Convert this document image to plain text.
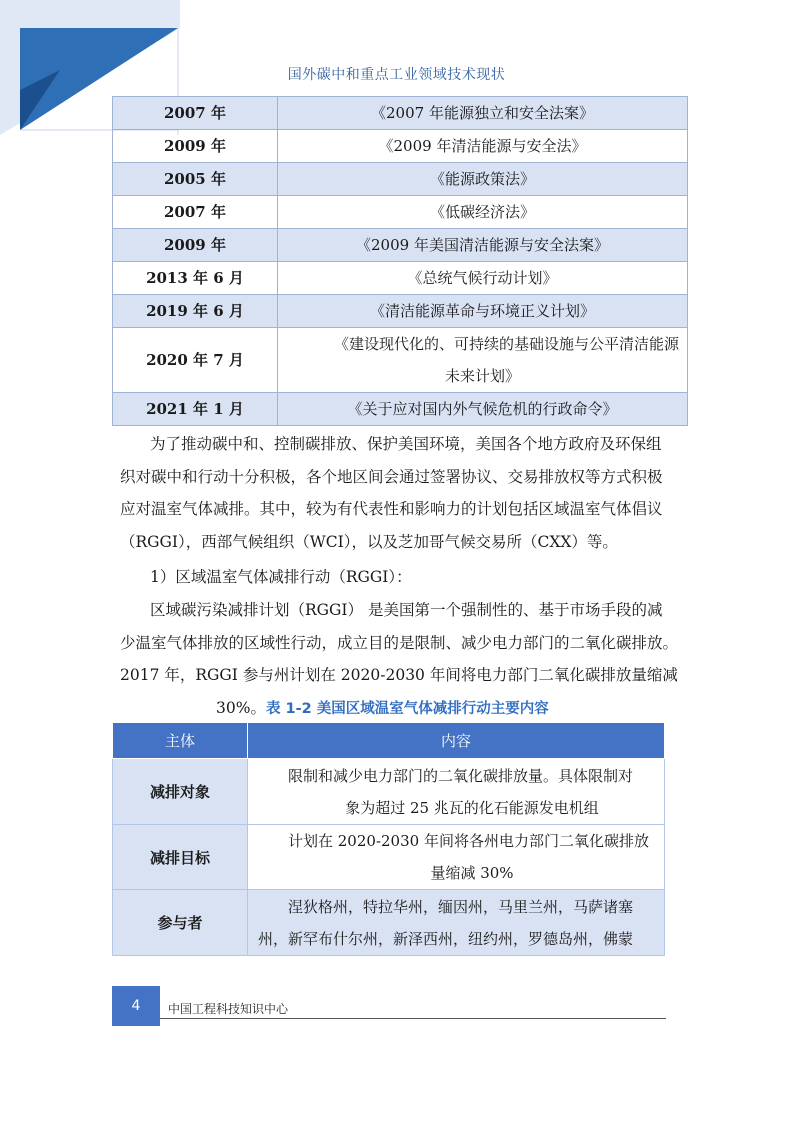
国外碳中和重点工业领域技术现状
2007 年	《2007 年能源独立和安全法案》
2009 年	《2009 年清洁能源与安全法》
2005 年	《能源政策法》
2007 年	《低碳经济法》
2009 年	《2009 年美国清洁能源与安全法案》
2013 年 6 月	《总统气候行动计划》
2019 年 6 月	《清洁能源革命与环境正义计划》
2020 年 7 月	《建设现代化的、可持续的基础设施与公平清洁能源
未来计划》

2021 年 1 月	《关于应对国内外气候危机的行政命令》
为了推动碳中和、控制碳排放、保护美国环境，美国各个地方政府及环保组
织对碳中和行动十分积极，各个地区间会通过签署协议、交易排放权等方式积极
应对温室气体减排。其中，较为有代表性和影响力的计划包括区域温室气体倡议
（RGGI），西部气候组织（WCI），以及芝加哥气候交易所（CXX）等。
1）区域温室气体减排行动（RGGI）：
区域碳污染减排计划（RGGI） 是美国第一个强制性的、基于市场手段的减
少温室气体排放的区域性行动，成立目的是限制、减少电力部门的二氧化碳排放。
2017 年，RGGI 参与州计划在 2020-2030 年间将电力部门二氧化碳排放量缩减
30%。表 1-2 美国区域温室气体减排行动主要内容
主体	内容
减排对象	限制和减少电力部门的二氧化碳排放量。具体限制对
象为超过 25 兆瓦的化石能源发电机组

减排目标	计划在 2020-2030 年间将各州电力部门二氧化碳排放
量缩减 30%

参与者	涅狄格州，特拉华州，缅因州，马里兰州，马萨诸塞
州，新罕布什尔州，新泽西州，纽约州，罗德岛州，佛蒙
4	中国工程科技知识中心
